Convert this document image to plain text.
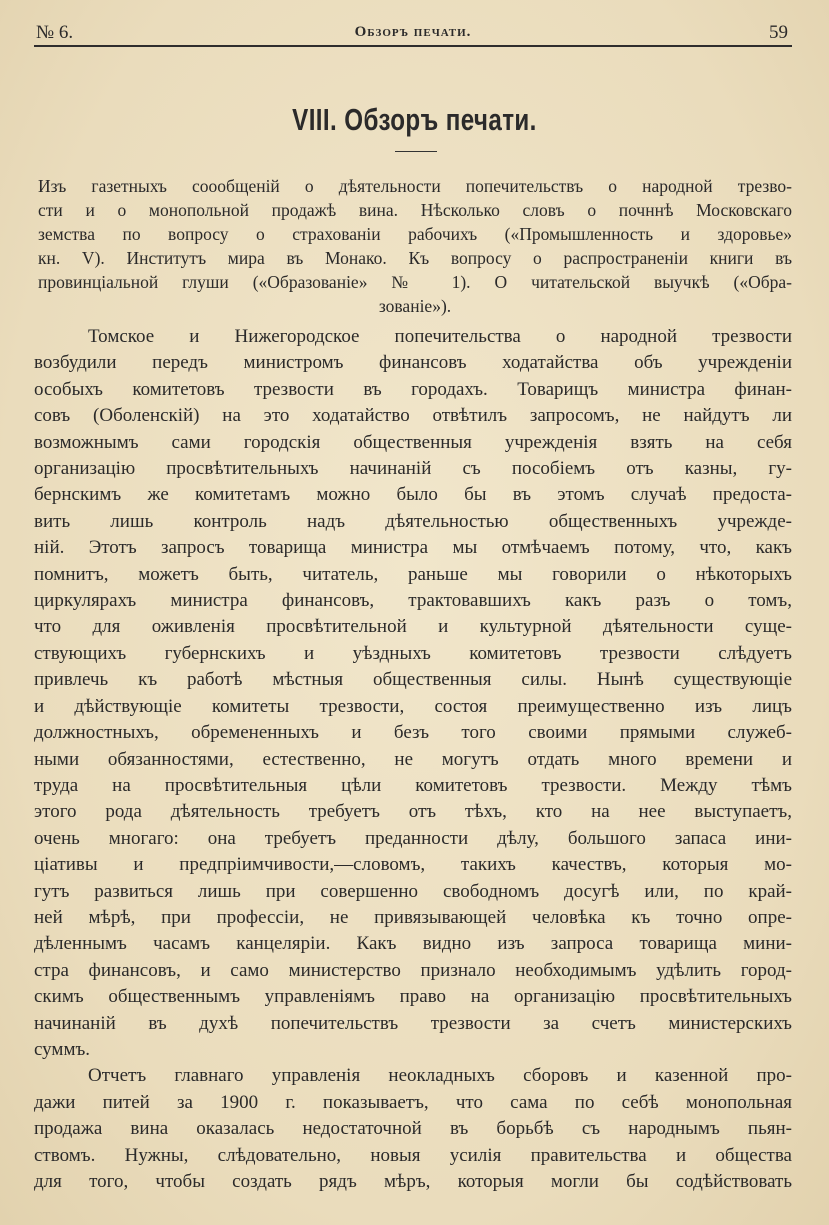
№ 6.	Обзоръ печати.	59
VIII. Обзоръ печати.
Изъ газетныхъ соообщеній о дѣятельности попечительствъ о народной трезво-
сти и о монопольной продажѣ вина. Нѣсколько словъ о почннѣ Московскаго
земства по вопросу о страхованіи рабочихъ («Промышленность и здоровье»
кн. V). Институтъ мира въ Монако. Къ вопросу о распространеніи книги въ
провинціальной глуши («Образованіе» № 1). О читательской выучкѣ («Обра-
зованіе»).
Томское и Нижегородское попечительства о народной трезвости
возбудили передъ министромъ финансовъ ходатайства объ учрежденіи
особыхъ комитетовъ трезвости въ городахъ. Товарищъ министра финан-
совъ (Оболенскій) на это ходатайство отвѣтилъ запросомъ, не найдутъ ли
возможнымъ сами городскія общественныя учрежденія взять на себя
организацію просвѣтительныхъ начинаній съ пособіемъ отъ казны, гу-
бернскимъ же комитетамъ можно было бы въ этомъ случаѣ предоста-
вить лишь контроль надъ дѣятельностью общественныхъ учрежде-
ній. Этотъ запросъ товарища министра мы отмѣчаемъ потому, что, какъ
помнитъ, можетъ быть, читатель, раньше мы говорили о нѣкоторыхъ
циркулярахъ министра финансовъ, трактовавшихъ какъ разъ о томъ,
что для оживленія просвѣтительной и культурной дѣятельности суще-
ствующихъ губернскихъ и уѣздныхъ комитетовъ трезвости слѣдуетъ
привлечь къ работѣ мѣстныя общественныя силы. Нынѣ существующіе
и дѣйствующіе комитеты трезвости, состоя преимущественно изъ лицъ
должностныхъ, обремененныхъ и безъ того своими прямыми служеб-
ными обязанностями, естественно, не могутъ отдать много времени и
труда на просвѣтительныя цѣли комитетовъ трезвости. Между тѣмъ
этого рода дѣятельность требуетъ отъ тѣхъ, кто на нее выступаетъ,
очень многаго: она требуетъ преданности дѣлу, большого запаса ини-
ціативы и предпріимчивости,—словомъ, такихъ качествъ, которыя мо-
гутъ развиться лишь при совершенно свободномъ досугѣ или, по край-
ней мѣрѣ, при профессіи, не привязывающей человѣка къ точно опре-
дѣленнымъ часамъ канцеляріи. Какъ видно изъ запроса товарища мини-
стра финансовъ, и само министерство признало необходимымъ удѣлить город-
скимъ общественнымъ управленіямъ право на организацію просвѣтительныхъ
начинаній въ духѣ попечительствъ трезвости за счетъ министерскихъ
суммъ.
Отчетъ главнаго управленія неокладныхъ сборовъ и казенной про-
дажи питей за 1900 г. показываетъ, что сама по себѣ монопольная
продажа вина оказалась недостаточной въ борьбѣ съ народнымъ пьян-
ствомъ. Нужны, слѣдовательно, новыя усилія правительства и общества
для того, чтобы создать рядъ мѣръ, которыя могли бы содѣйствовать
